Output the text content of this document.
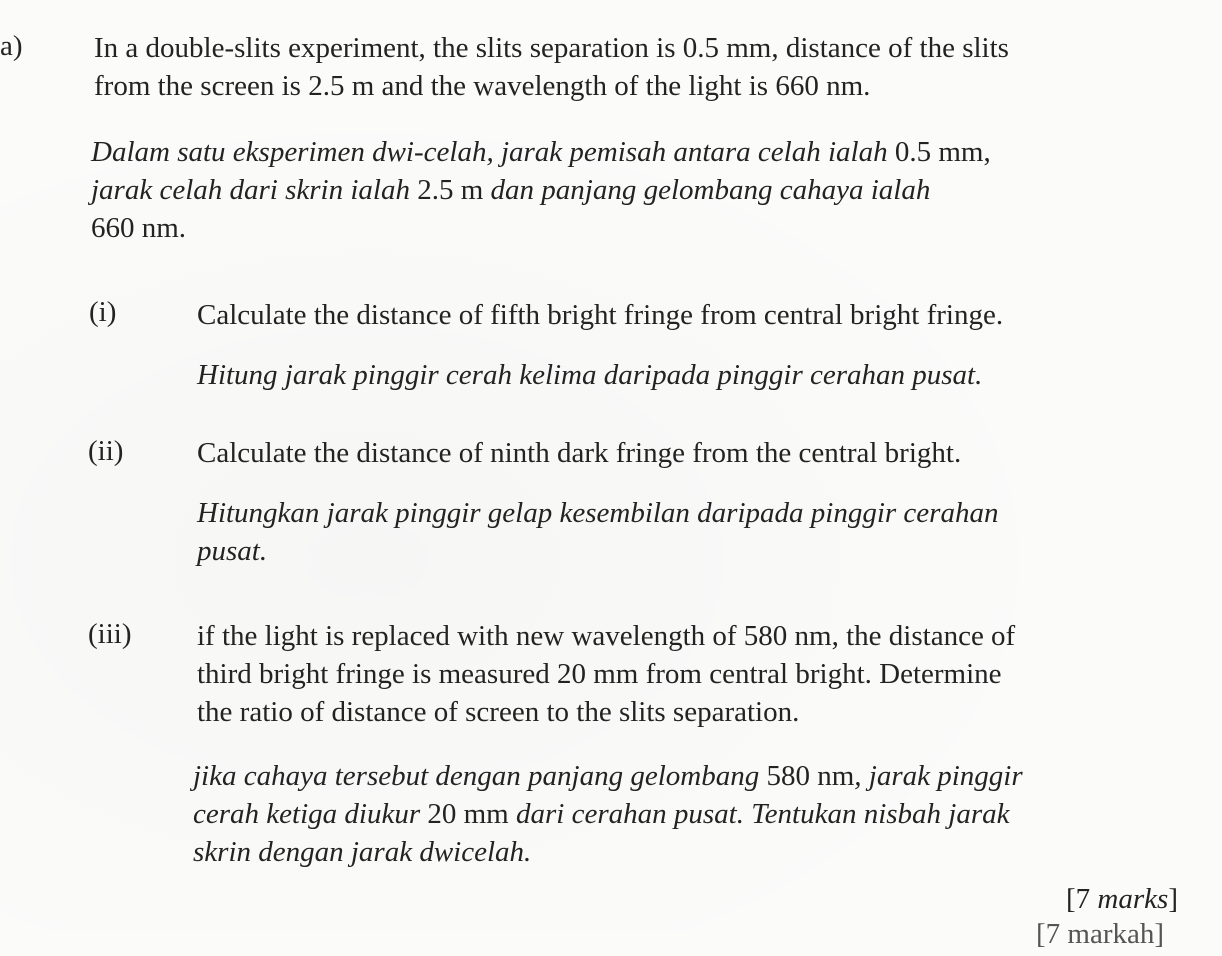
a) In a double-slits experiment, the slits separation is 0.5 mm, distance of the slits
from the screen is 2.5 m and the wavelength of the light is 660 nm.
Dalam satu eksperimen dwi-celah, jarak pemisah antara celah ialah 0.5 mm,
jarak celah dari skrin ialah 2.5 m dan panjang gelombang cahaya ialah
660 nm.
(i)	Calculate the distance of fifth bright fringe from central bright fringe.
Hitung jarak pinggir cerah kelima daripada pinggir cerahan pusat.
(ii)	Calculate the distance of ninth dark fringe from the central bright.
Hitungkan jarak pinggir gelap kesembilan daripada pinggir cerahan
pusat.
(iii) if the light is replaced with new wavelength of 580 nm, the distance of
third bright fringe is measured 20 mm from central bright. Determine
the ratio of distance of screen to the slits separation.
jika cahaya tersebut dengan panjang gelombang 580 nm, jarak pinggir
cerah ketiga diukur 20 mm dari cerahan pusat. Tentukan nisbah jarak
skrin dengan jarak dwicelah.
[7 marks]
[7 markah]
